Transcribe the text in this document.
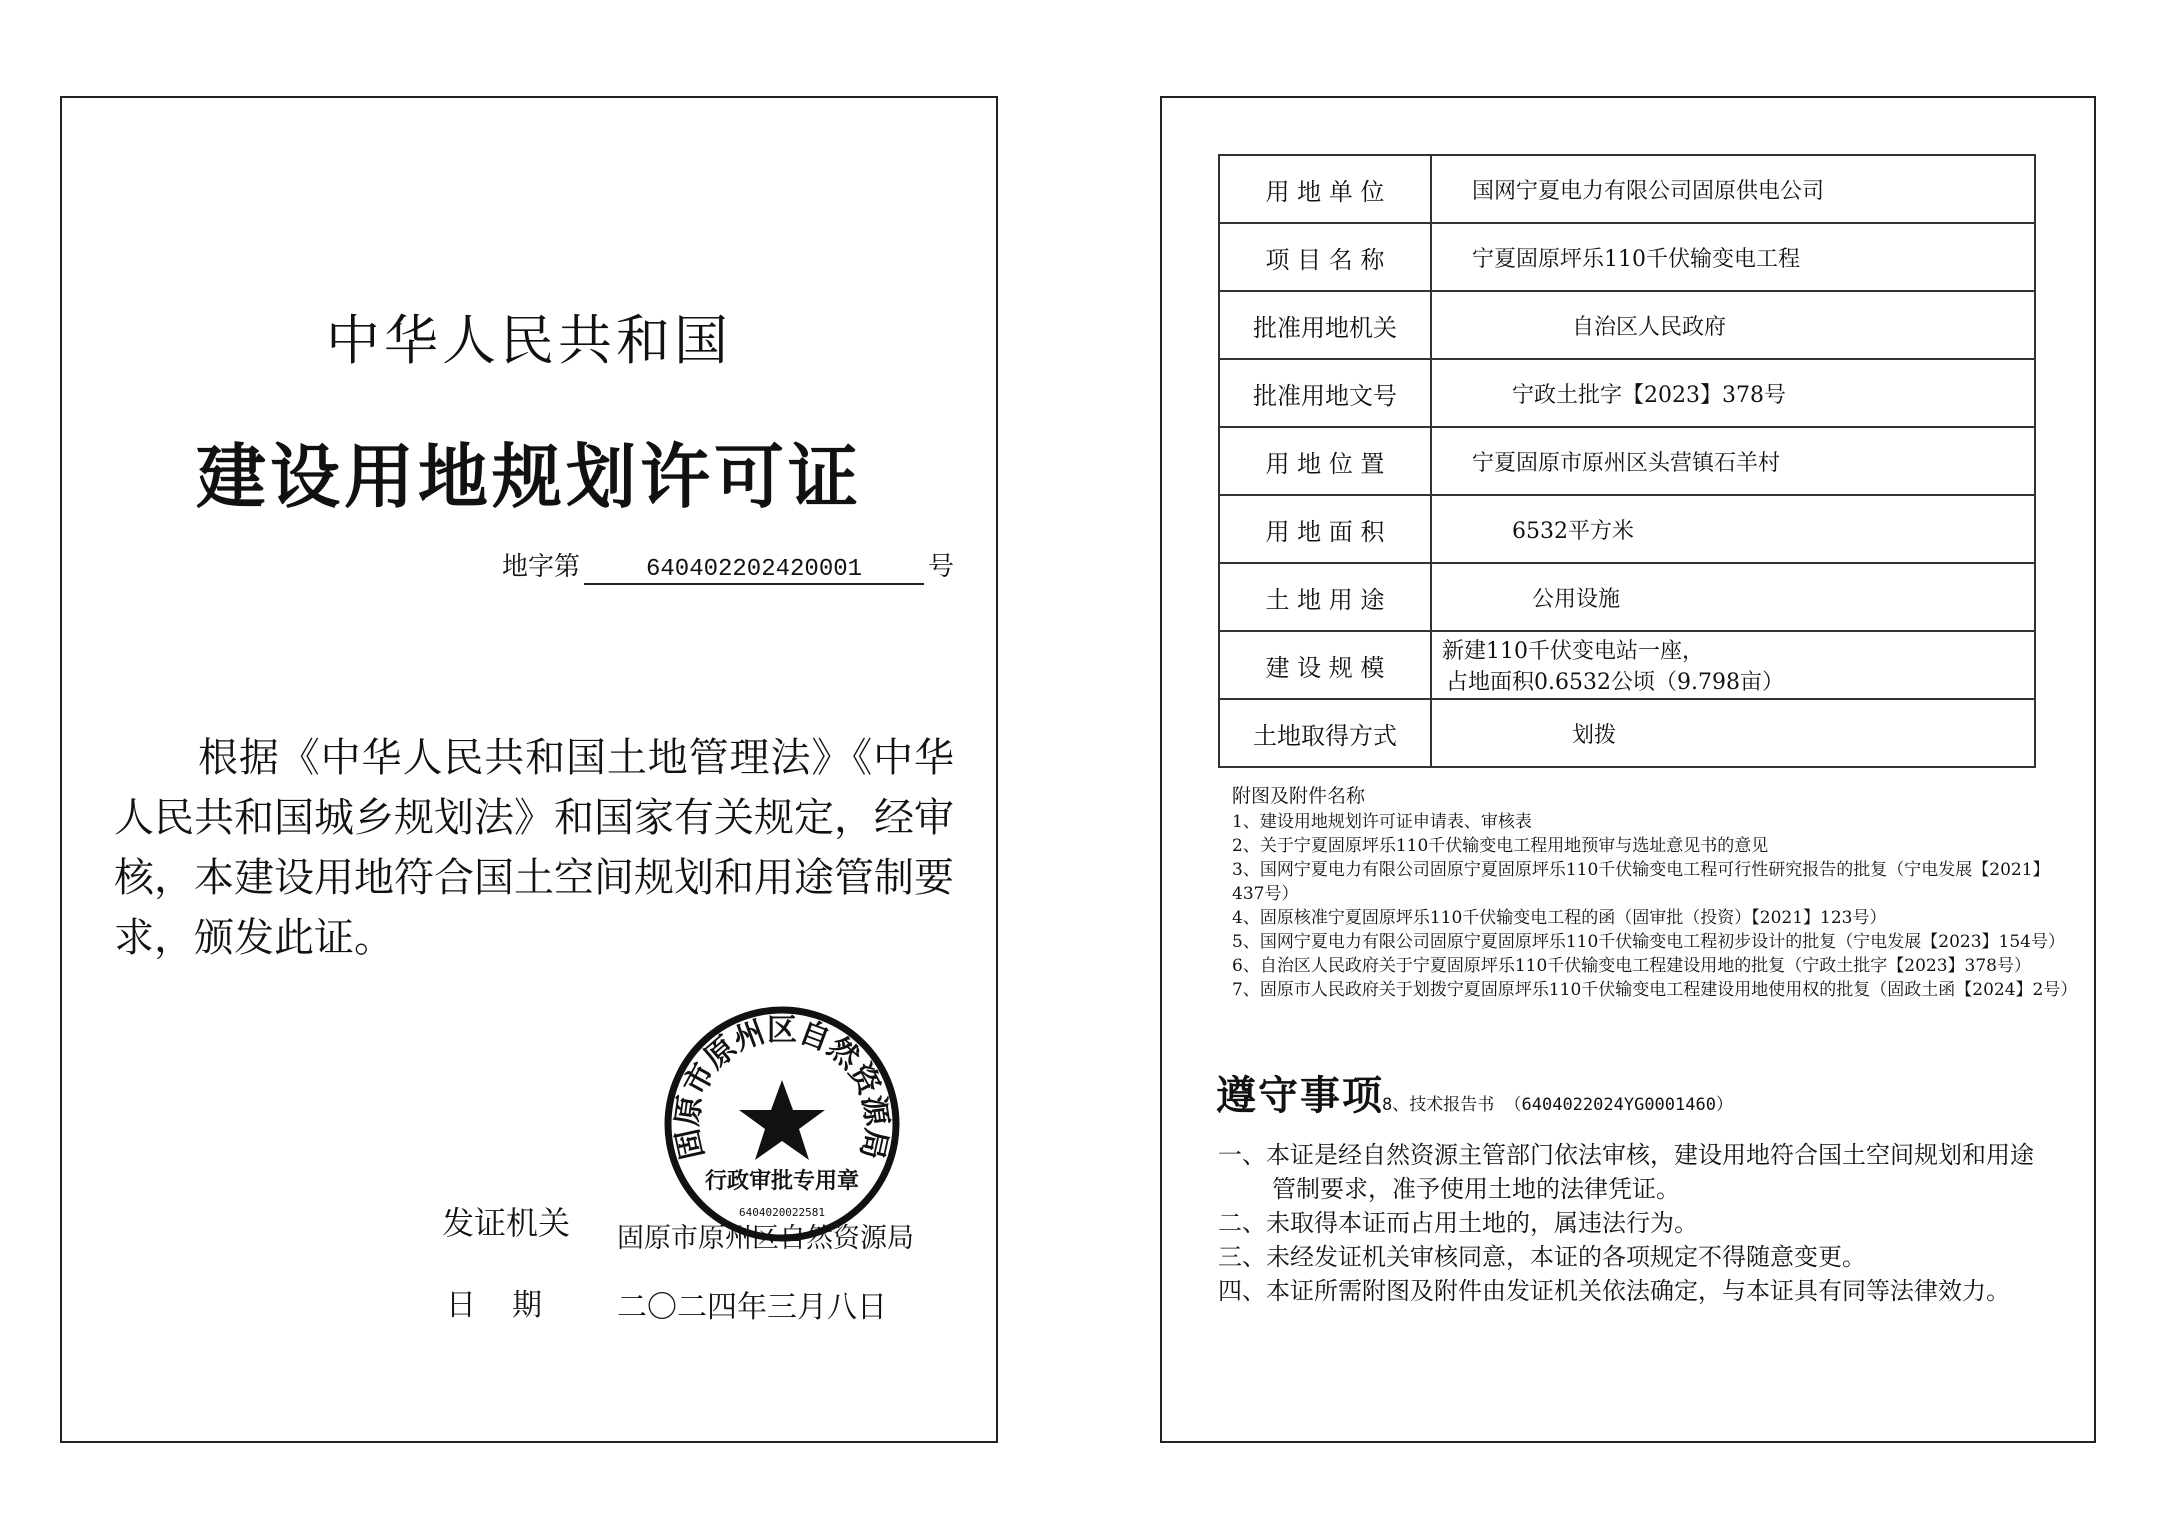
中华人民共和国
建设用地规划许可证
地字第	640402202420001	号
根据《中华人民共和国土地管理法》《中华人民共和国城乡规划法》和国家有关规定，经审核，本建设用地符合国土空间规划和用途管制要求，颁发此证。
发证机关 固原市原州区自然资源局
日期 二〇二四年三月八日
固原市原州区自然资源局
行政审批专用章
6404020022581
用 地 单 位	国网宁夏电力有限公司固原供电公司
项 目 名 称	宁夏固原坪乐110千伏输变电工程
批准用地机关	自治区人民政府
批准用地文号	宁政土批字【2023】378号
用 地 位 置	宁夏固原市原州区头营镇石羊村
用 地 面 积	6532平方米
土 地 用 途	公用设施
建 设 规 模	新建110千伏变电站一座，
占地面积0.6532公顷（9.798亩）

土地取得方式	划拨
附图及附件名称

1、建设用地规划许可证申请表、审核表

2、关于宁夏固原坪乐110千伏输变电工程用地预审与选址意见书的意见

3、国网宁夏电力有限公司固原宁夏固原坪乐110千伏输变电工程可行性研究报告的批复（宁电发展【2021】437号）

4、固原核准宁夏固原坪乐110千伏输变电工程的函（固审批（投资）【2021】123号）

5、国网宁夏电力有限公司固原宁夏固原坪乐110千伏输变电工程初步设计的批复（宁电发展【2023】154号）

6、自治区人民政府关于宁夏固原坪乐110千伏输变电工程建设用地的批复（宁政土批字【2023】378号）

7、固原市人民政府关于划拨宁夏固原坪乐110千伏输变电工程建设用地使用权的批复（固政土函【2024】2号）

遵守事项
8、技术报告书 （6404022024YG0001460）

一、本证是经自然资源主管部门依法审核，建设用地符合国土空间规划和用途管制要求，准予使用土地的法律凭证。

二、未取得本证而占用土地的，属违法行为。

三、未经发证机关审核同意，本证的各项规定不得随意变更。

四、本证所需附图及附件由发证机关依法确定，与本证具有同等法律效力。
